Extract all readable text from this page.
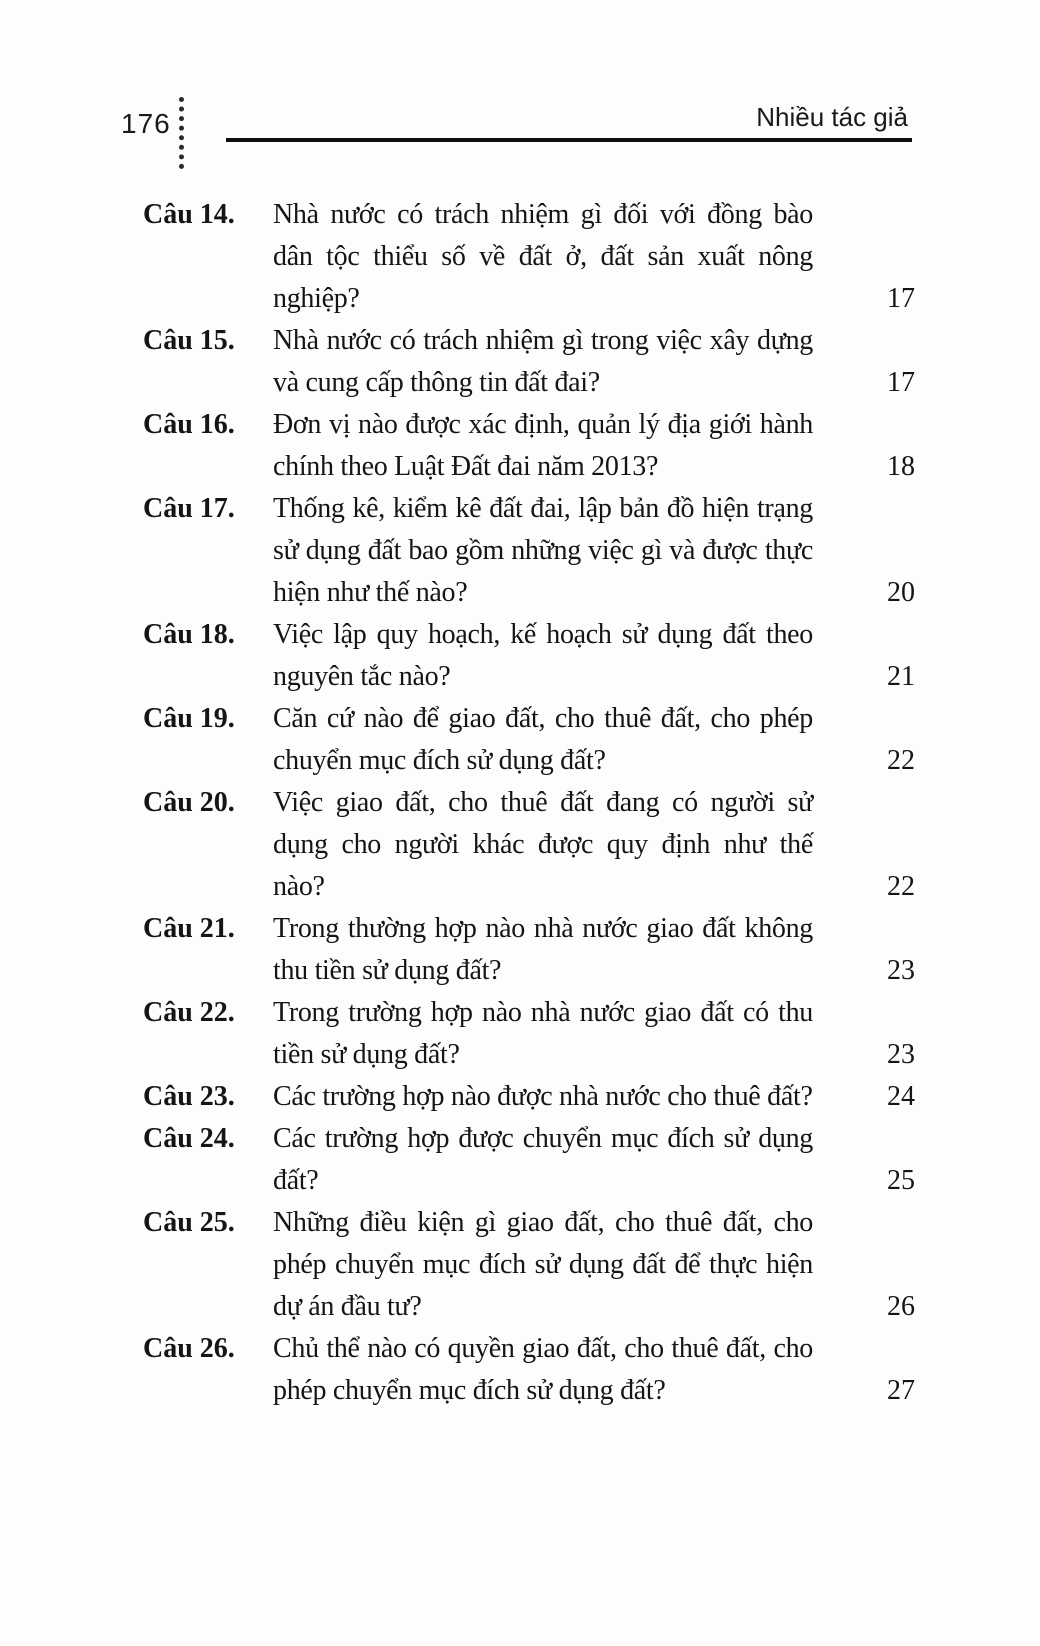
176	Nhiều tác giả
Câu 14.	Nhà nước có trách nhiệm gì đối với đồng bào dân tộc thiểu số về đất ở, đất sản xuất nông nghiệp?	17
Câu 15.	Nhà nước có trách nhiệm gì trong việc xây dựng và cung cấp thông tin đất đai?	17
Câu 16.	Đơn vị nào được xác định, quản lý địa giới hành chính theo Luật Đất đai năm 2013?	18
Câu 17.	Thống kê, kiểm kê đất đai, lập bản đồ hiện trạng sử dụng đất bao gồm những việc gì và được thực hiện như thế nào?	20
Câu 18.	Việc lập quy hoạch, kế hoạch sử dụng đất theo nguyên tắc nào?	21
Câu 19.	Căn cứ nào để giao đất, cho thuê đất, cho phép chuyển mục đích sử dụng đất?	22
Câu 20.	Việc giao đất, cho thuê đất đang có người sử dụng cho người khác được quy định như thế nào?	22
Câu 21.	Trong thường hợp nào nhà nước giao đất không thu tiền sử dụng đất?	23
Câu 22.	Trong trường hợp nào nhà nước giao đất có thu tiền sử dụng đất?	23
Câu 23.	Các trường hợp nào được nhà nước cho thuê đất?	24
Câu 24.	Các trường hợp được chuyển mục đích sử dụng đất?	25
Câu 25.	Những điều kiện gì giao đất, cho thuê đất, cho phép chuyển mục đích sử dụng đất để thực hiện dự án đầu tư?	26
Câu 26.	Chủ thể nào có quyền giao đất, cho thuê đất, cho phép chuyển mục đích sử dụng đất?	27
